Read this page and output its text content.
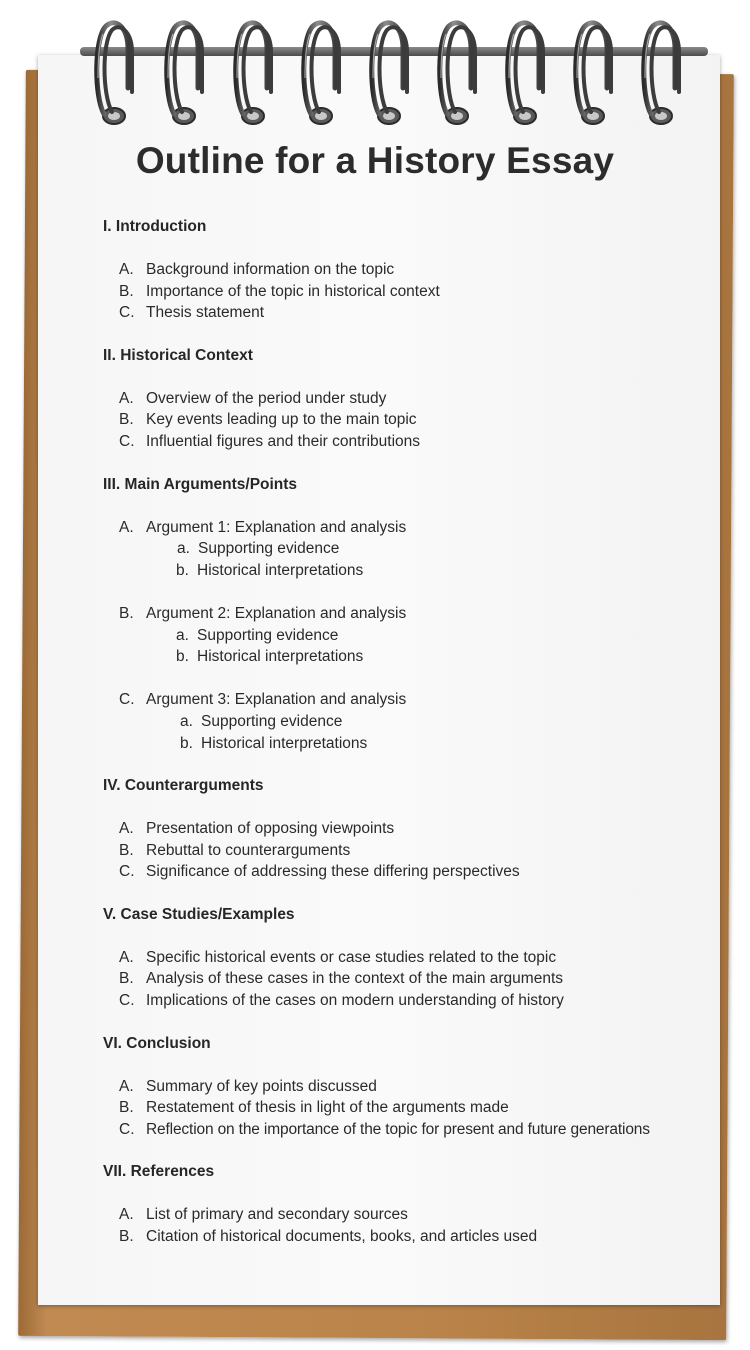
Outline for a History Essay
I. Introduction
A. Background information on the topic
B. Importance of the topic in historical context
C. Thesis statement
II. Historical Context
A. Overview of the period under study
B. Key events leading up to the main topic
C. Influential figures and their contributions
III. Main Arguments/Points
A. Argument 1: Explanation and analysis
a. Supporting evidence
b. Historical interpretations
B. Argument 2: Explanation and analysis
a. Supporting evidence
b. Historical interpretations
C. Argument 3: Explanation and analysis
a. Supporting evidence
b. Historical interpretations
IV. Counterarguments
A. Presentation of opposing viewpoints
B. Rebuttal to counterarguments
C. Significance of addressing these differing perspectives
V. Case Studies/Examples
A. Specific historical events or case studies related to the topic
B. Analysis of these cases in the context of the main arguments
C. Implications of the cases on modern understanding of history
VI. Conclusion
A. Summary of key points discussed
B. Restatement of thesis in light of the arguments made
C. Reflection on the importance of the topic for present and future generations
VII. References
A. List of primary and secondary sources
B. Citation of historical documents, books, and articles used
